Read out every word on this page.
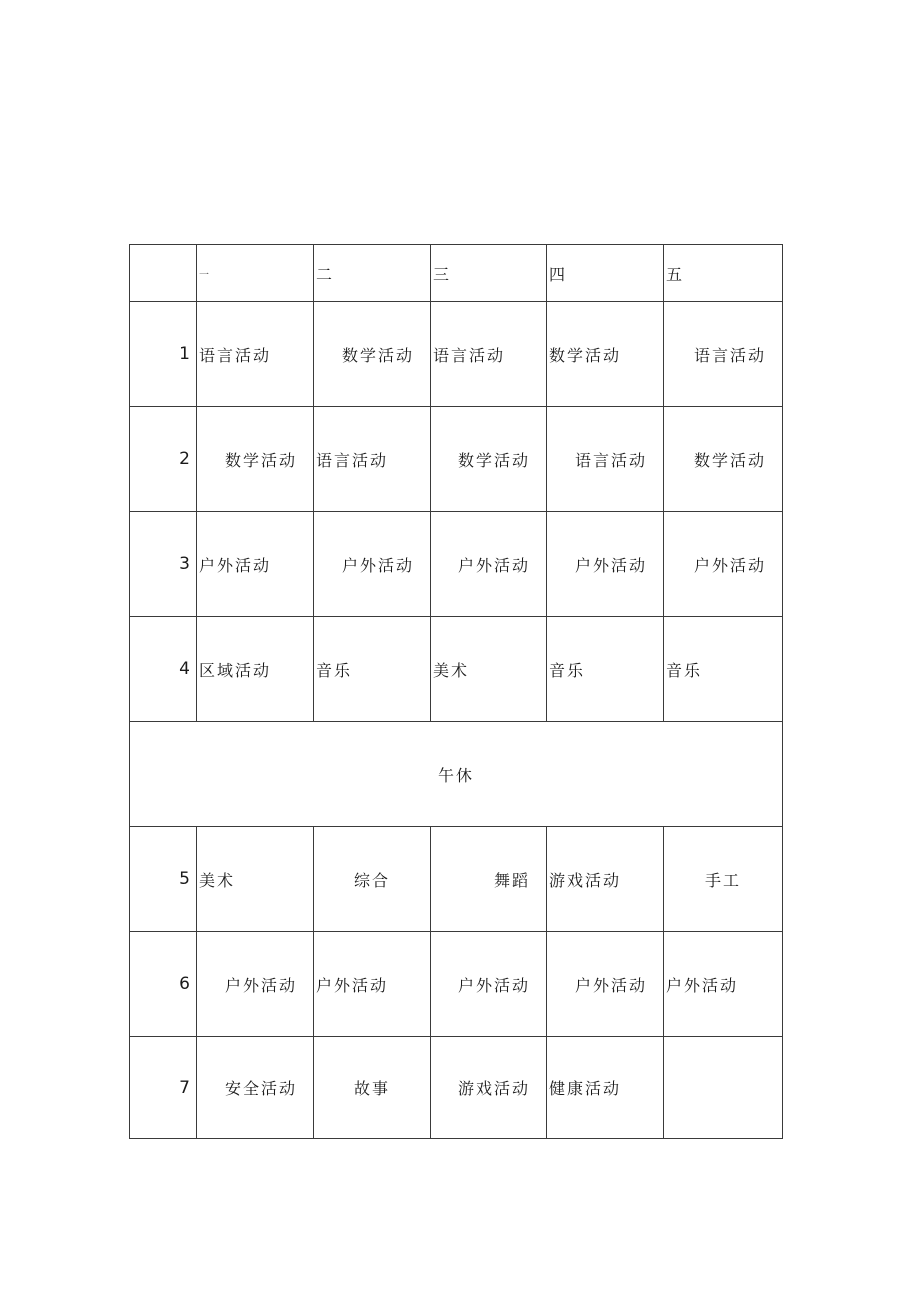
	一	二	三	四	五
1	语言活动	数学活动	语言活动	数学活动	语言活动
2	数学活动	语言活动	数学活动	语言活动	数学活动
3	户外活动	户外活动	户外活动	户外活动	户外活动
4	区域活动	音乐	美术	音乐	音乐
午休					
5	美术	综合	舞蹈	游戏活动	手工
6	户外活动	户外活动	户外活动	户外活动	户外活动
7	安全活动	故事	游戏活动	健康活动	
